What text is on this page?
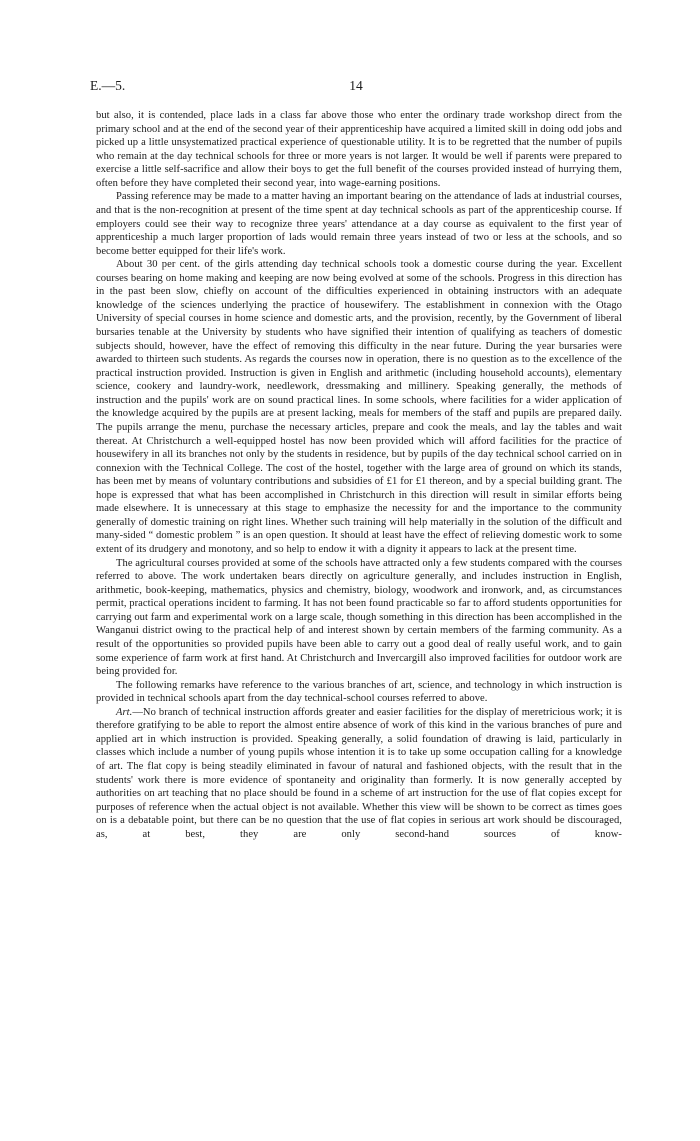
E.—5.	14

but also, it is contended, place lads in a class far above those who enter the ordinary trade workshop direct from the primary school and at the end of the second year of their apprenticeship have acquired a limited skill in doing odd jobs and picked up a little unsystematized practical experience of questionable utility. It is to be regretted that the number of pupils who remain at the day technical schools for three or more years is not larger. It would be well if parents were prepared to exercise a little self-sacrifice and allow their boys to get the full benefit of the courses provided instead of hurrying them, often before they have completed their second year, into wage-earning positions.

Passing reference may be made to a matter having an important bearing on the attendance of lads at industrial courses, and that is the non-recognition at present of the time spent at day technical schools as part of the apprenticeship course. If employers could see their way to recognize three years' attendance at a day course as equivalent to the first year of apprenticeship a much larger proportion of lads would remain three years instead of two or less at the schools, and so become better equipped for their life's work.

About 30 per cent. of the girls attending day technical schools took a domestic course during the year. Excellent courses bearing on home making and keeping are now being evolved at some of the schools. Progress in this direction has in the past been slow, chiefly on account of the difficulties experienced in obtaining instructors with an adequate knowledge of the sciences underlying the practice of housewifery. The establishment in connexion with the Otago University of special courses in home science and domestic arts, and the provision, recently, by the Government of liberal bursaries tenable at the University by students who have signified their intention of qualifying as teachers of domestic subjects should, however, have the effect of removing this difficulty in the near future. During the year bursaries were awarded to thirteen such students. As regards the courses now in operation, there is no question as to the excellence of the practical instruction provided. Instruction is given in English and arithmetic (including household accounts), elementary science, cookery and laundry-work, needlework, dressmaking and millinery. Speaking generally, the methods of instruction and the pupils' work are on sound practical lines. In some schools, where facilities for a wider application of the knowledge acquired by the pupils are at present lacking, meals for members of the staff and pupils are prepared daily. The pupils arrange the menu, purchase the necessary articles, prepare and cook the meals, and lay the tables and wait thereat. At Christchurch a well-equipped hostel has now been provided which will afford facilities for the practice of housewifery in all its branches not only by the students in residence, but by pupils of the day technical school carried on in connexion with the Technical College. The cost of the hostel, together with the large area of ground on which its stands, has been met by means of voluntary contributions and subsidies of £1 for £1 thereon, and by a special building grant. The hope is expressed that what has been accomplished in Christchurch in this direction will result in similar efforts being made elsewhere. It is unnecessary at this stage to emphasize the necessity for and the importance to the community generally of domestic training on right lines. Whether such training will help materially in the solution of the difficult and many-sided “ domestic problem ” is an open question. It should at least have the effect of relieving domestic work to some extent of its drudgery and monotony, and so help to endow it with a dignity it appears to lack at the present time.

The agricultural courses provided at some of the schools have attracted only a few students compared with the courses referred to above. The work undertaken bears directly on agriculture generally, and includes instruction in English, arithmetic, book-keeping, mathematics, physics and chemistry, biology, woodwork and ironwork, and, as circumstances permit, practical operations incident to farming. It has not been found practicable so far to afford students opportunities for carrying out farm and experimental work on a large scale, though something in this direction has been accomplished in the Wanganui district owing to the practical help of and interest shown by certain members of the farming community. As a result of the opportunities so provided pupils have been able to carry out a good deal of really useful work, and to gain some experience of farm work at first hand. At Christchurch and Invercargill also improved facilities for outdoor work are being provided for.

The following remarks have reference to the various branches of art, science, and technology in which instruction is provided in technical schools apart from the day technical-school courses referred to above.

Art.—No branch of technical instruction affords greater and easier facilities for the display of meretricious work; it is therefore gratifying to be able to report the almost entire absence of work of this kind in the various branches of pure and applied art in which instruction is provided. Speaking generally, a solid foundation of drawing is laid, particularly in classes which include a number of young pupils whose intention it is to take up some occupation calling for a knowledge of art. The flat copy is being steadily eliminated in favour of natural and fashioned objects, with the result that in the students' work there is more evidence of spontaneity and originality than formerly. It is now generally accepted by authorities on art teaching that no place should be found in a scheme of art instruction for the use of flat copies except for purposes of reference when the actual object is not available. Whether this view will be shown to be correct as times goes on is a debatable point, but there can be no question that the use of flat copies in serious art work should be discouraged, as, at best, they are only second-hand sources of know-
